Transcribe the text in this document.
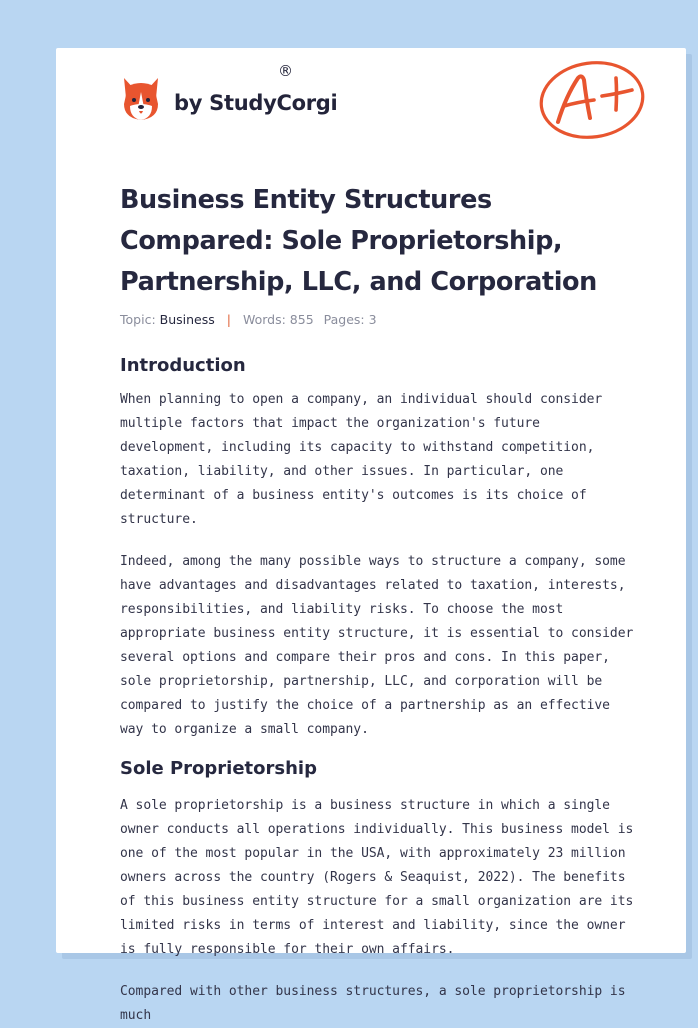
by StudyCorgi
®
Business Entity Structures Compared: Sole Proprietorship, Partnership, LLC, and Corporation
Topic: Business | Words: 855 Pages: 3
Introduction

When planning to open a company, an individual should consider multiple factors that impact the organization's future development, including its capacity to withstand competition, taxation, liability, and other issues. In particular, one determinant of a business entity's outcomes is its choice of structure.

Indeed, among the many possible ways to structure a company, some have advantages and disadvantages related to taxation, interests, responsibilities, and liability risks. To choose the most appropriate business entity structure, it is essential to consider several options and compare their pros and cons. In this paper, sole proprietorship, partnership, LLC, and corporation will be compared to justify the choice of a partnership as an effective way to organize a small company.

Sole Proprietorship

A sole proprietorship is a business structure in which a single owner conducts all operations individually. This business model is one of the most popular in the USA, with approximately 23 million owners across the country (Rogers & Seaquist, 2022). The benefits of this business entity structure for a small organization are its limited risks in terms of interest and liability, since the owner is fully responsible for their own affairs.

Compared with other business structures, a sole proprietorship is much
